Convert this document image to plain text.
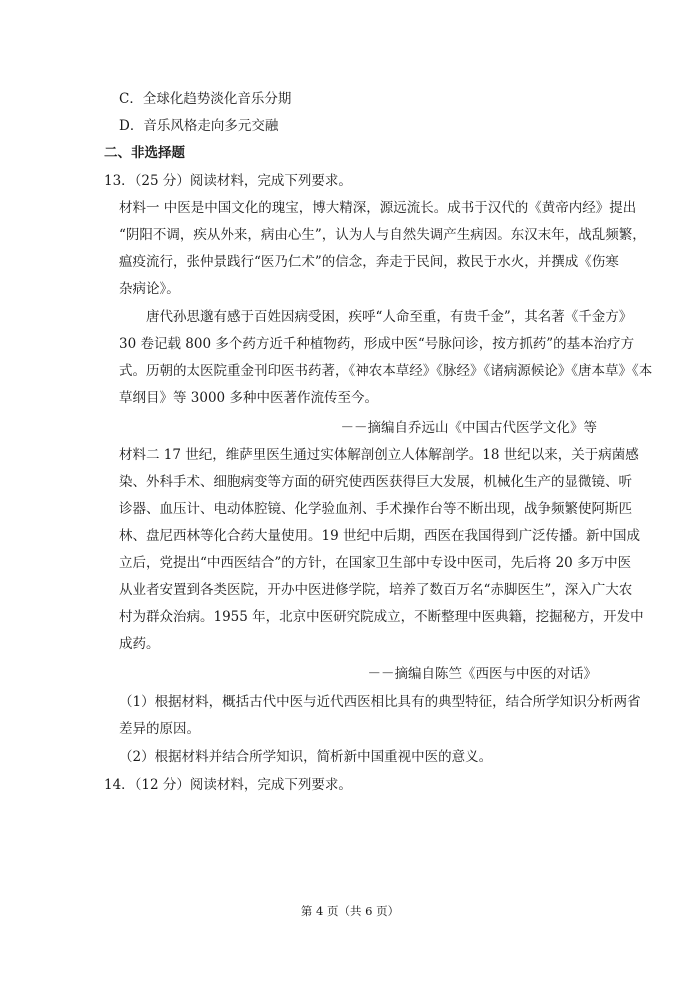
C．全球化趋势淡化音乐分期
D．音乐风格走向多元交融
二、非选择题
13．（25 分）阅读材料，完成下列要求。
材料一 中医是中国文化的瑰宝，博大精深，源远流长。成书于汉代的《黄帝内经》提出
“阴阳不调，疾从外来，病由心生”，认为人与自然失调产生病因。东汉末年，战乱频繁，
瘟疫流行，张仲景践行“医乃仁术”的信念，奔走于民间，救民于水火，并撰成《伤寒
杂病论》。
唐代孙思邈有感于百姓因病受困，疾呼“人命至重，有贵千金”，其名著《千金方》
30 卷记载 800 多个药方近千种植物药，形成中医“号脉问诊，按方抓药”的基本治疗方
式。历朝的太医院重金刊印医书药著，《神农本草经》《脉经》《诸病源候论》《唐本草》《本
草纲目》等 3000 多种中医著作流传至今。
－－摘编自乔远山《中国古代医学文化》等
材料二 17 世纪，维萨里医生通过实体解剖创立人体解剖学。18 世纪以来，关于病菌感
染、外科手术、细胞病变等方面的研究使西医获得巨大发展，机械化生产的显微镜、听
诊器、血压计、电动体腔镜、化学验血剂、手术操作台等不断出现，战争频繁使阿斯匹
林、盘尼西林等化合药大量使用。19 世纪中后期，西医在我国得到广泛传播。新中国成
立后，党提出“中西医结合”的方针，在国家卫生部中专设中医司，先后将 20 多万中医
从业者安置到各类医院，开办中医进修学院，培养了数百万名“赤脚医生”，深入广大农
村为群众治病。1955 年，北京中医研究院成立，不断整理中医典籍，挖掘秘方，开发中
成药。
－－摘编自陈竺《西医与中医的对话》
（1）根据材料，概括古代中医与近代西医相比具有的典型特征，结合所学知识分析两省
差异的原因。
（2）根据材料并结合所学知识，简析新中国重视中医的意义。
14．（12 分）阅读材料，完成下列要求。
第 4 页（共 6 页）
